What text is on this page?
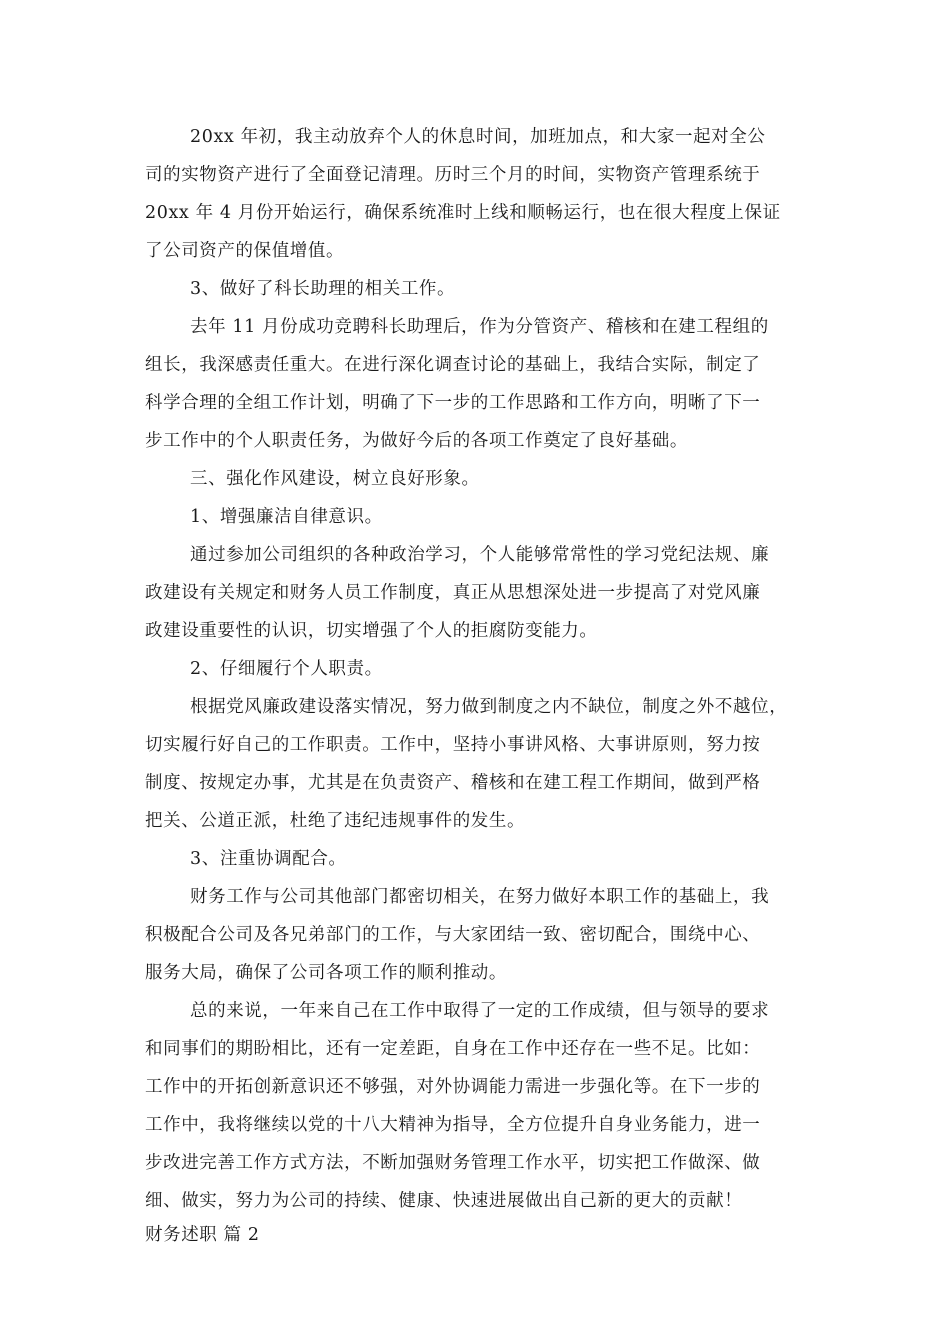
20xx 年初，我主动放弃个人的休息时间，加班加点，和大家一起对全公
司的实物资产进行了全面登记清理。历时三个月的时间，实物资产管理系统于
20xx 年 4 月份开始运行，确保系统准时上线和顺畅运行，也在很大程度上保证
了公司资产的保值增值。
3、做好了科长助理的相关工作。
去年 11 月份成功竞聘科长助理后，作为分管资产、稽核和在建工程组的
组长，我深感责任重大。在进行深化调查讨论的基础上，我结合实际，制定了
科学合理的全组工作计划，明确了下一步的工作思路和工作方向，明晰了下一
步工作中的个人职责任务，为做好今后的各项工作奠定了良好基础。
三、强化作风建设，树立良好形象。
1、增强廉洁自律意识。
通过参加公司组织的各种政治学习，个人能够常常性的学习党纪法规、廉
政建设有关规定和财务人员工作制度，真正从思想深处进一步提高了对党风廉
政建设重要性的认识，切实增强了个人的拒腐防变能力。
2、仔细履行个人职责。
根据党风廉政建设落实情况，努力做到制度之内不缺位，制度之外不越位，
切实履行好自己的工作职责。工作中，坚持小事讲风格、大事讲原则，努力按
制度、按规定办事，尤其是在负责资产、稽核和在建工程工作期间，做到严格
把关、公道正派，杜绝了违纪违规事件的发生。
3、注重协调配合。
财务工作与公司其他部门都密切相关，在努力做好本职工作的基础上，我
积极配合公司及各兄弟部门的工作，与大家团结一致、密切配合，围绕中心、
服务大局，确保了公司各项工作的顺利推动。
总的来说，一年来自己在工作中取得了一定的工作成绩，但与领导的要求
和同事们的期盼相比，还有一定差距，自身在工作中还存在一些不足。比如：
工作中的开拓创新意识还不够强，对外协调能力需进一步强化等。在下一步的
工作中，我将继续以党的十八大精神为指导，全方位提升自身业务能力，进一
步改进完善工作方式方法，不断加强财务管理工作水平，切实把工作做深、做
细、做实，努力为公司的持续、健康、快速进展做出自己新的更大的贡献！
财务述职 篇 2
